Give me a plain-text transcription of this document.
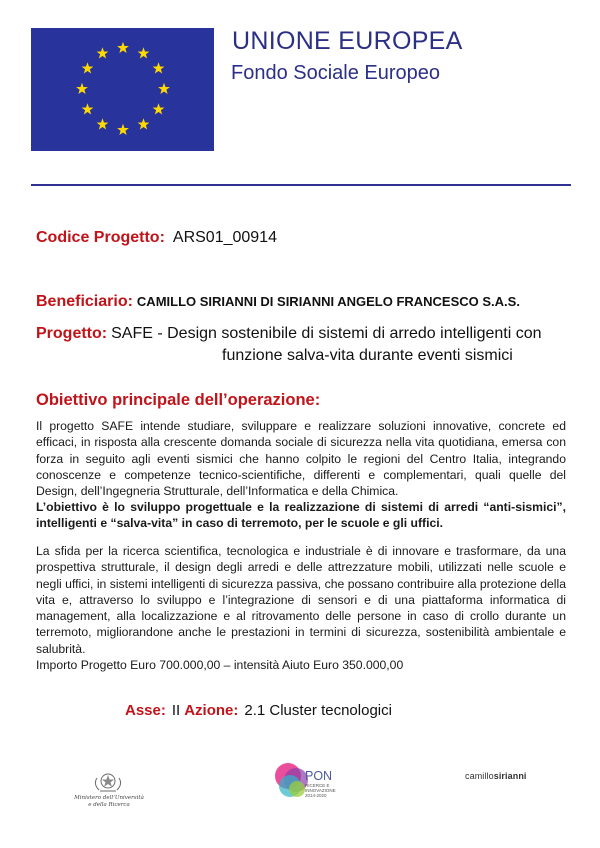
UNIONE EUROPEA
Fondo Sociale Europeo
Codice Progetto: ARS01_00914
Beneficiario: CAMILLO SIRIANNI DI SIRIANNI ANGELO FRANCESCO S.A.S.
Progetto: SAFE - Design sostenibile di sistemi di arredo intelligenti con
funzione salva-vita durante eventi sismici
Obiettivo principale dell’operazione:
Il progetto SAFE intende studiare, sviluppare e realizzare soluzioni innovative, concrete ed efficaci, in risposta alla crescente domanda sociale di sicurezza nella vita quotidiana, emersa con forza in seguito agli eventi sismici che hanno colpito le regioni del Centro Italia, integrando conoscenze e competenze tecnico-scientifiche, differenti e complementari, quali quelle del Design, dell’Ingegneria Strutturale, dell’Informatica e della Chimica.
L’obiettivo è lo sviluppo progettuale e la realizzazione di sistemi di arredi “anti-sismici”, intelligenti e “salva-vita” in caso di terremoto, per le scuole e gli uffici.
La sfida per la ricerca scientifica, tecnologica e industriale è di innovare e trasformare, da una prospettiva strutturale, il design degli arredi e delle attrezzature mobili, utilizzati nelle scuole e negli uffici, in sistemi intelligenti di sicurezza passiva, che possano contribuire alla protezione della vita e, attraverso lo sviluppo e l’integrazione di sensori e di una piattaforma informatica di management, alla localizzazione e al ritrovamento delle persone in caso di crollo durante un terremoto, migliorandone anche le prestazioni in termini di sicurezza, sostenibilità ambientale e salubrità.
Importo Progetto Euro 700.000,00 – intensità Aiuto Euro 350.000,00
Asse: II Azione: 2.1 Cluster tecnologici
Ministero dell’Università
e della Ricerca
PON
RICERCE E INNOVAZIONE 2014-2020
camillosirianni
